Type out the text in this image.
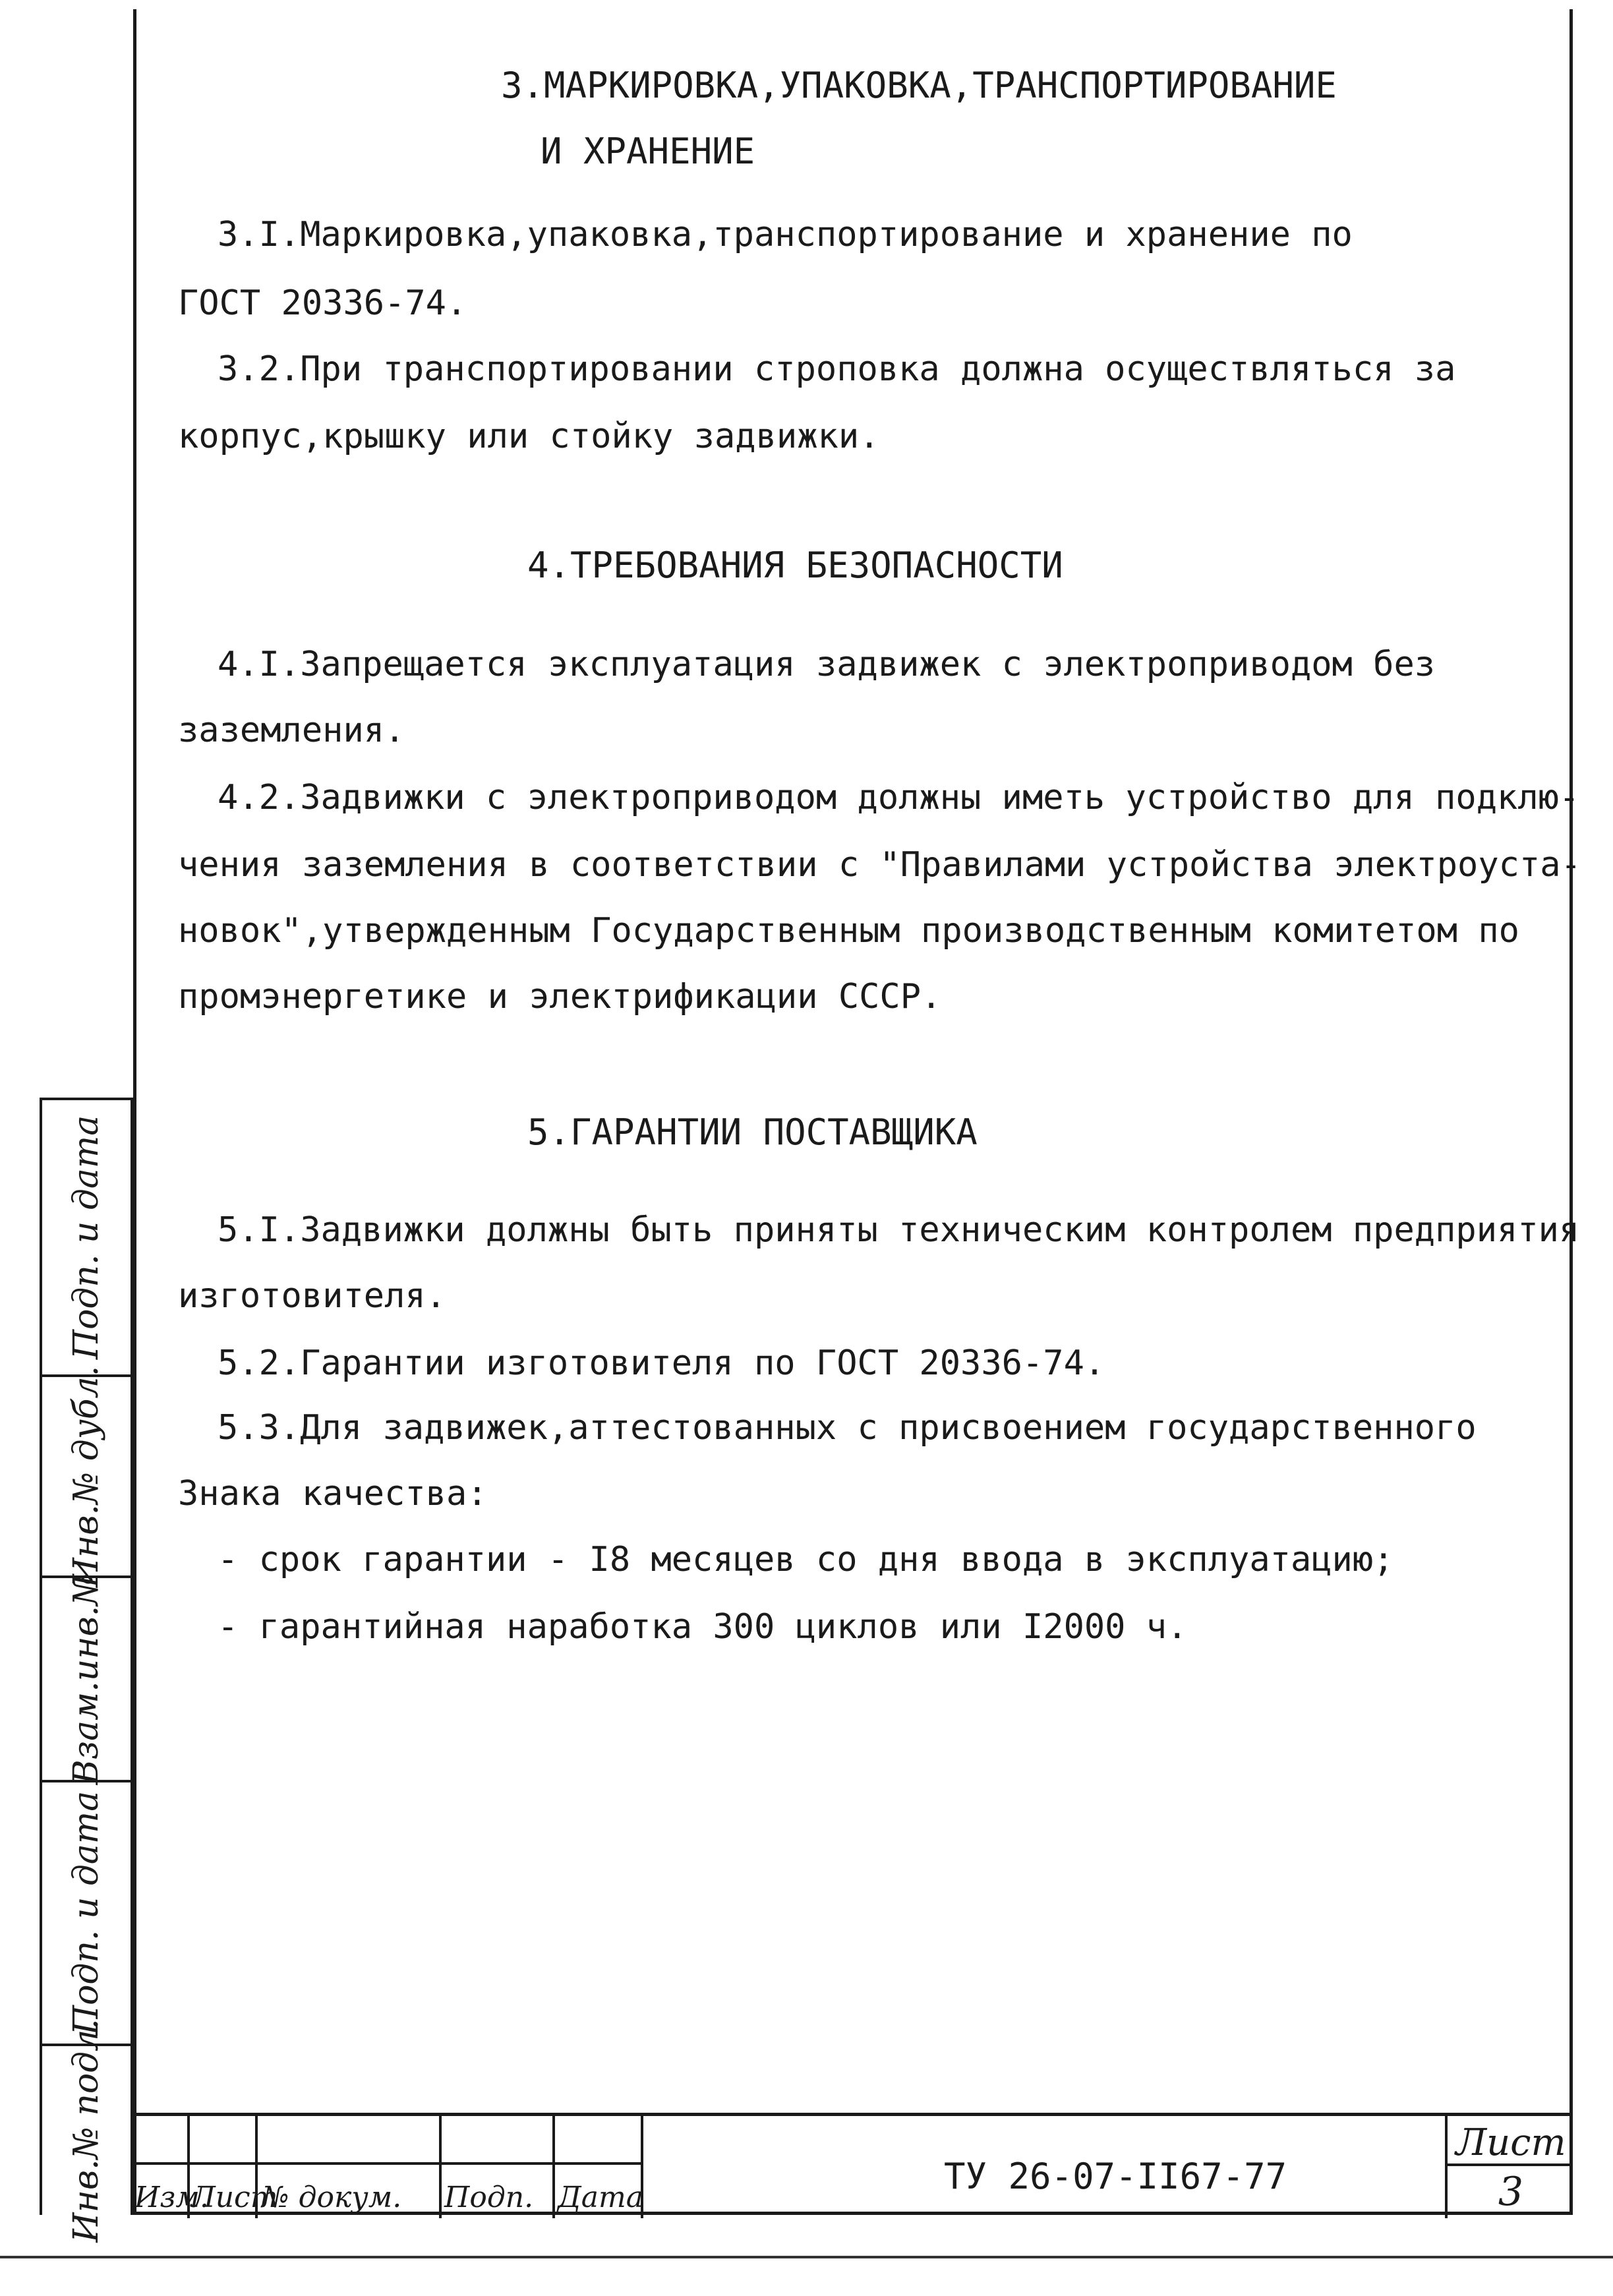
3.МАРКИРОВКА,УПАКОВКА,ТРАНСПОРТИРОВАНИЕ
И ХРАНЕНИЕ
3.I.Маркировка,упаковка,транспортирование и хранение по
ГОСТ 20336-74.
3.2.При транспортировании строповка должна осуществляться за
корпус,крышку или стойку задвижки.
4.ТРЕБОВАНИЯ БЕЗОПАСНОСТИ
4.I.Запрещается эксплуатация задвижек с электроприводом без
заземления.
4.2.Задвижки с электроприводом должны иметь устройство для подклю-
чения заземления в соответствии с "Правилами устройства электроуста-
новок",утвержденным Государственным производственным комитетом по
промэнергетике и электрификации СССР.
5.ГАРАНТИИ ПОСТАВЩИКА
5.I.Задвижки должны быть приняты техническим контролем предприятия
изготовителя.
5.2.Гарантии изготовителя по ГОСТ 20336-74.
5.3.Для задвижек,аттестованных с присвоением государственного
Знака качества:
- срок гарантии - I8 месяцев со дня ввода в эксплуатацию;
- гарантийная наработка 300 циклов или I2000 ч.
Подп. и дата
Инв.№ дубл.
Взам.инв.№
Подп. и дата
Инв.№ подл. Изм.
Лист
№ докум. Подп. Дата
ТУ 26-07-II67-77
Лист
3
